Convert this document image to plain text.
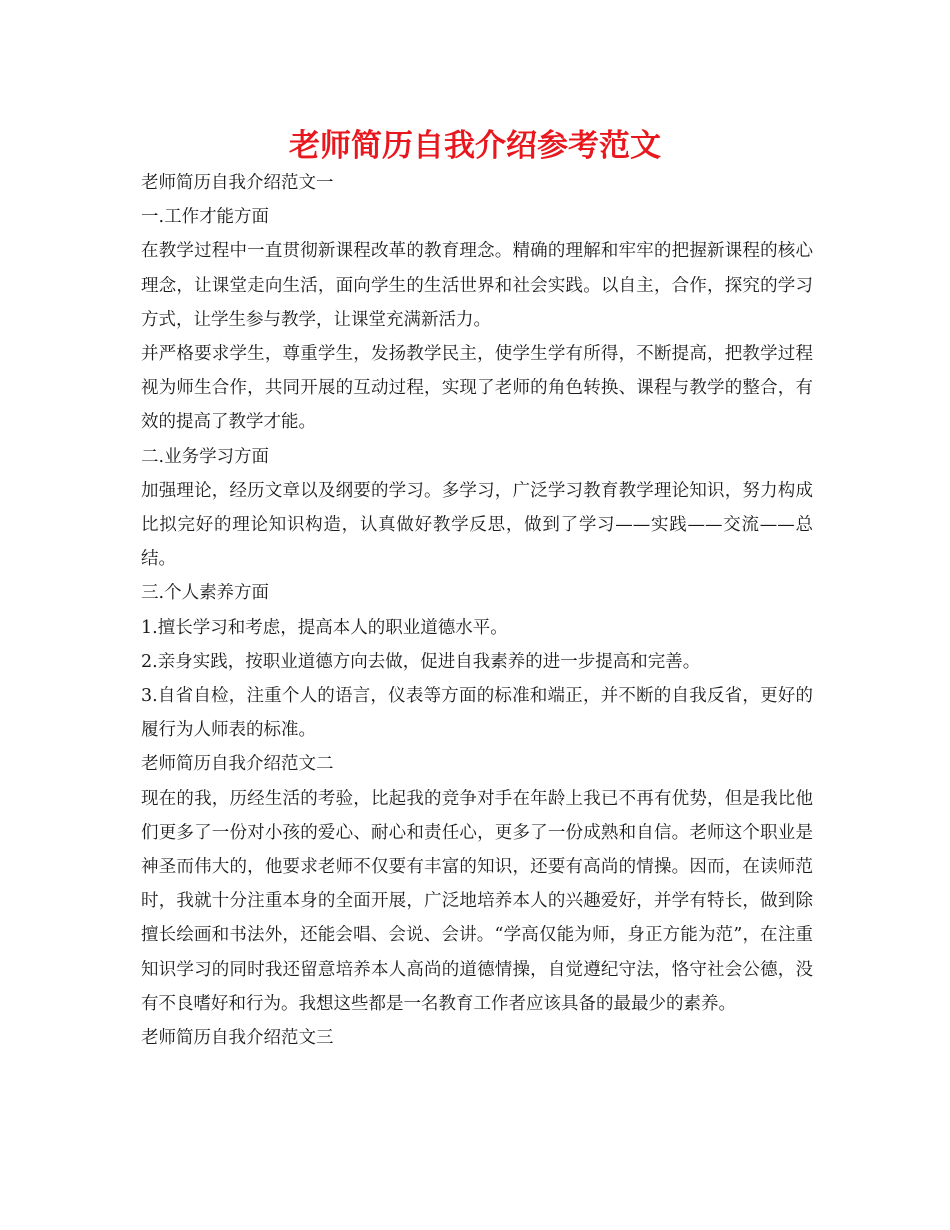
老师简历自我介绍参考范文

老师简历自我介绍范文一

一.工作才能方面

在教学过程中一直贯彻新课程改革的教育理念。精确的理解和牢牢的把握新课程的核心理念，让课堂走向生活，面向学生的生活世界和社会实践。以自主，合作，探究的学习方式，让学生参与教学，让课堂充满新活力。

并严格要求学生，尊重学生，发扬教学民主，使学生学有所得，不断提高，把教学过程视为师生合作，共同开展的互动过程，实现了老师的角色转换、课程与教学的整合，有效的提高了教学才能。

二.业务学习方面

加强理论，经历文章以及纲要的学习。多学习，广泛学习教育教学理论知识，努力构成比拟完好的理论知识构造，认真做好教学反思，做到了学习——实践——交流——总结。

三.个人素养方面

1.擅长学习和考虑，提高本人的职业道德水平。

2.亲身实践，按职业道德方向去做，促进自我素养的进一步提高和完善。

3.自省自检，注重个人的语言，仪表等方面的标准和端正，并不断的自我反省，更好的履行为人师表的标准。

老师简历自我介绍范文二

现在的我，历经生活的考验，比起我的竞争对手在年龄上我已不再有优势，但是我比他们更多了一份对小孩的爱心、耐心和责任心，更多了一份成熟和自信。老师这个职业是神圣而伟大的，他要求老师不仅要有丰富的知识，还要有高尚的情操。因而，在读师范时，我就十分注重本身的全面开展，广泛地培养本人的兴趣爱好，并学有特长，做到除擅长绘画和书法外，还能会唱、会说、会讲。“学高仅能为师，身正方能为范”，在注重知识学习的同时我还留意培养本人高尚的道德情操，自觉遵纪守法，恪守社会公德，没有不良嗜好和行为。我想这些都是一名教育工作者应该具备的最最少的素养。

老师简历自我介绍范文三
